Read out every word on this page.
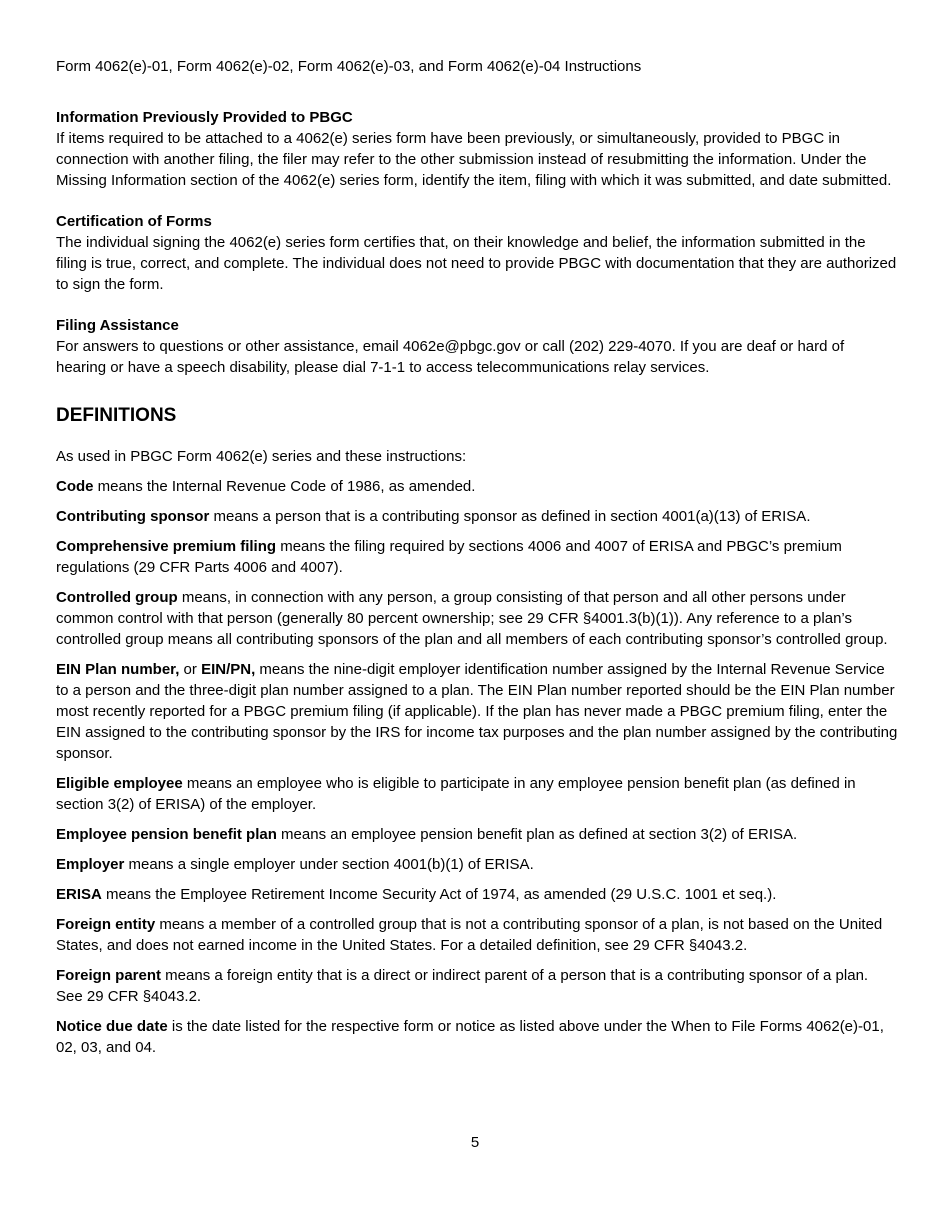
Form 4062(e)-01, Form 4062(e)-02, Form 4062(e)-03, and Form 4062(e)-04 Instructions

Information Previously Provided to PBGC

If items required to be attached to a 4062(e) series form have been previously, or simultaneously, provided to PBGC in connection with another filing, the filer may refer to the other submission instead of resubmitting the information. Under the Missing Information section of the 4062(e) series form, identify the item, filing with which it was submitted, and date submitted.

Certification of Forms

The individual signing the 4062(e) series form certifies that, on their knowledge and belief, the information submitted in the filing is true, correct, and complete. The individual does not need to provide PBGC with documentation that they are authorized to sign the form.

Filing Assistance

For answers to questions or other assistance, email 4062e@pbgc.gov or call (202) 229-4070. If you are deaf or hard of hearing or have a speech disability, please dial 7-1-1 to access telecommunications relay services.

DEFINITIONS

As used in PBGC Form 4062(e) series and these instructions:

Code means the Internal Revenue Code of 1986, as amended.

Contributing sponsor means a person that is a contributing sponsor as defined in section 4001(a)(13) of ERISA.

Comprehensive premium filing means the filing required by sections 4006 and 4007 of ERISA and PBGC’s premium regulations (29 CFR Parts 4006 and 4007).

Controlled group means, in connection with any person, a group consisting of that person and all other persons under common control with that person (generally 80 percent ownership; see 29 CFR §4001.3(b)(1)). Any reference to a plan’s controlled group means all contributing sponsors of the plan and all members of each contributing sponsor’s controlled group.

EIN Plan number, or EIN/PN, means the nine-digit employer identification number assigned by the Internal Revenue Service to a person and the three-digit plan number assigned to a plan. The EIN Plan number reported should be the EIN Plan number most recently reported for a PBGC premium filing (if applicable). If the plan has never made a PBGC premium filing, enter the EIN assigned to the contributing sponsor by the IRS for income tax purposes and the plan number assigned by the contributing sponsor.

Eligible employee means an employee who is eligible to participate in any employee pension benefit plan (as defined in section 3(2) of ERISA) of the employer.

Employee pension benefit plan means an employee pension benefit plan as defined at section 3(2) of ERISA.

Employer means a single employer under section 4001(b)(1) of ERISA.

ERISA means the Employee Retirement Income Security Act of 1974, as amended (29 U.S.C. 1001 et seq.).

Foreign entity means a member of a controlled group that is not a contributing sponsor of a plan, is not based on the United States, and does not earned income in the United States. For a detailed definition, see 29 CFR §4043.2.

Foreign parent means a foreign entity that is a direct or indirect parent of a person that is a contributing sponsor of a plan. See 29 CFR §4043.2.

Notice due date is the date listed for the respective form or notice as listed above under the When to File Forms 4062(e)-01, 02, 03, and 04.

5
